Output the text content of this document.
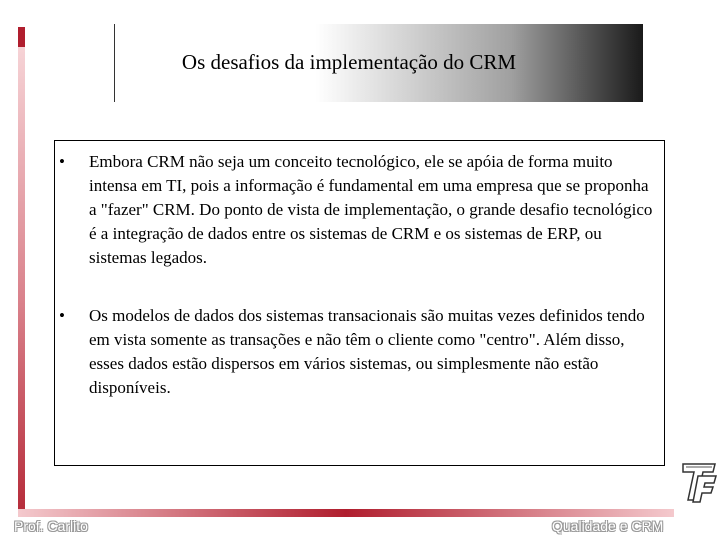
Os desafios da implementação do CRM
• Embora CRM não seja um conceito tecnológico, ele se apóia de forma muito intensa em TI, pois a informação é fundamental em uma empresa que se proponha a "fazer" CRM. Do ponto de vista de implementação, o grande desafio tecnológico é a integração de dados entre os sistemas de CRM e os sistemas de ERP, ou sistemas legados.
• Os modelos de dados dos sistemas transacionais são muitas vezes definidos tendo em vista somente as transações e não têm o cliente como "centro". Além disso, esses dados estão dispersos em vários sistemas, ou simplesmente não estão disponíveis.
Prof. Carlito	Qualidade e CRM
